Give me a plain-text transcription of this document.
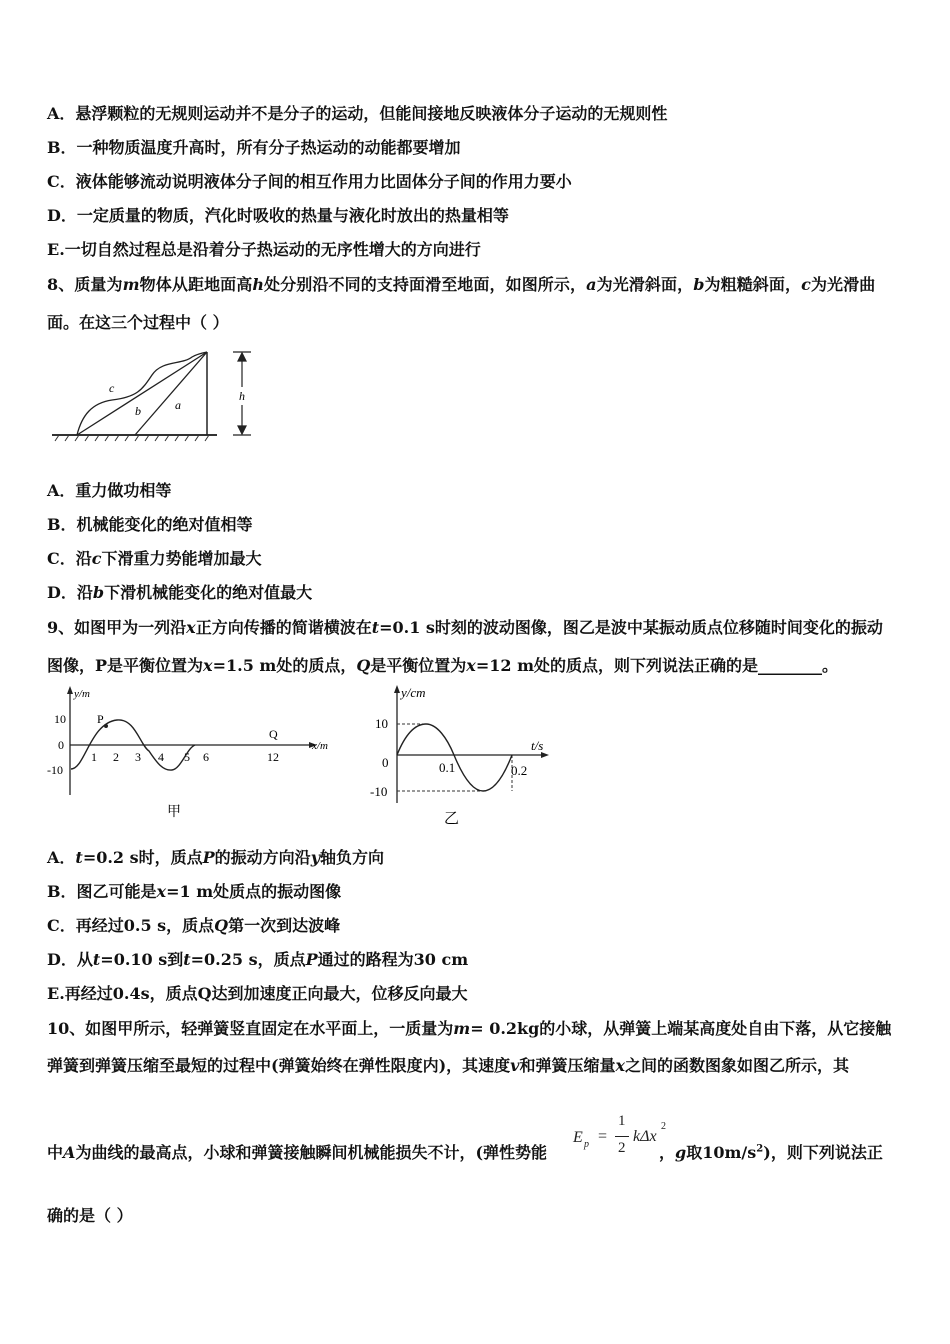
A．悬浮颗粒的无规则运动并不是分子的运动，但能间接地反映液体分子运动的无规则性
B．一种物质温度升高时，所有分子热运动的动能都要增加
C．液体能够流动说明液体分子间的相互作用力比固体分子间的作用力要小
D．一定质量的物质，汽化时吸收的热量与液化时放出的热量相等
E.一切自然过程总是沿着分子热运动的无序性增大的方向进行
8、质量为m物体从距地面高h处分别沿不同的支持面滑至地面，如图所示，a为光滑斜面，b为粗糙斜面，c为光滑曲
面。在这三个过程中（ ）
c
b	a
h
A．重力做功相等
B．机械能变化的绝对值相等
C．沿c下滑重力势能增加最大
D．沿b下滑机械能变化的绝对值最大
9、如图甲为一列沿x正方向传播的简谐横波在t=0.1 s时刻的波动图像，图乙是波中某振动质点位移随时间变化的振动
图像，P是平衡位置为x=1.5 m处的质点，Q是平衡位置为x=12 m处的质点，则下列说法正确的是________。
y/m
x/m
10
0
-10
1 2 3 4 5 6	12
P
Q
甲
y/cm
t/s
10
0
-10
0.1	0.2
乙
A．t=0.2 s时，质点P的振动方向沿y轴负方向
B．图乙可能是x=1 m处质点的振动图像
C．再经过0.5 s，质点Q第一次到达波峰
D．从t=0.10 s到t=0.25 s，质点P通过的路程为30 cm
E.再经过0.4s，质点Q达到加速度正向最大，位移反向最大
10、如图甲所示，轻弹簧竖直固定在水平面上，一质量为m= 0.2kg的小球，从弹簧上端某高度处自由下落，从它接触
弹簧到弹簧压缩至最短的过程中(弹簧始终在弹性限度内)，其速度v和弹簧压缩量x之间的函数图象如图乙所示，其
中A为曲线的最高点，小球和弹簧接触瞬间机械能损失不计，(弹性势能	，g取$10m/s^2$)，则下列说法正
E p =
1
2
kΔx
2
确的是（ ）
